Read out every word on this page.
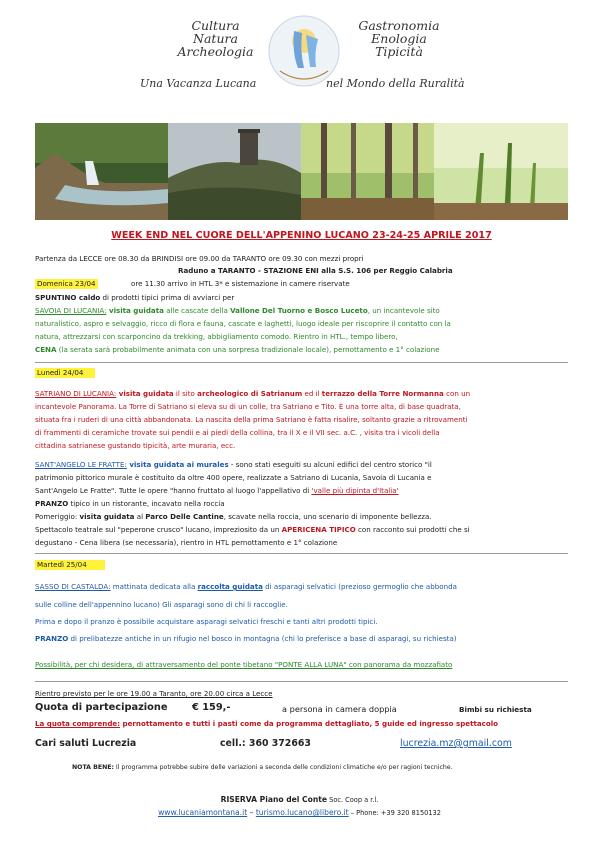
Cultura
Natura
Archeologia
Gastronomia
Enologia
Tipicità
Una Vacanza Lucana	nel Mondo della Ruralità
WEEK END NEL CUORE DELL'APPENINO LUCANO 23-24-25 APRILE 2017
Partenza da LECCE ore 08.30 da BRINDISI ore 09.00 da TARANTO ore 09.30 con mezzi propri
Raduno a TARANTO - STAZIONE ENI alla S.S. 106 per Reggio Calabria
Domenica 23/04	ore 11.30 arrivo in HTL 3* e sistemazione in camere riservate
SPUNTINO caldo di prodotti tipici prima di avviarci per
SAVOIA DI LUCANIA: visita guidata alle cascate della Vallone Del Tuorno e Bosco Luceto, un incantevole sito
naturalistico, aspro e selvaggio, ricco di flora e fauna, cascate e laghetti, luogo ideale per riscoprire il contatto con la
natura, attrezzarsi con scarponcino da trekking, abbigliamento comodo. Rientro in HTL., tempo libero,
CENA (la serata sarà probabilmente animata con una sorpresa tradizionale locale), pernottamento e 1° colazione
Lunedì 24/04
SATRIANO DI LUCANIA: visita guidata il sito archeologico di Satrianum ed il terrazzo della Torre Normanna con un
incantevole Panorama. La Torre di Satriano si eleva su di un colle, tra Satriano e Tito. È una torre alta, di base quadrata,
situata fra i ruderi di una città abbandonata. La nascita della prima Satriano è fatta risalire, soltanto grazie a ritrovamenti
di frammenti di ceramiche trovate sui pendii e ai piedi della collina, tra il X e il VII sec. a.C. , visita tra i vicoli della
cittadina satrianese gustando tipicità, arte muraria, ecc.
SANT'ANGELO LE FRATTE: visita guidata ai murales - sono stati eseguiti su alcuni edifici del centro storico "il
patrimonio pittorico murale è costituito da oltre 400 opere, realizzate a Satriano di Lucania, Savoia di Lucania e
Sant'Angelo Le Fratte". Tutte le opere "hanno fruttato al luogo l'appellativo di 'valle più dipinta d'Italia'
PRANZO tipico in un ristorante, incavato nella roccia
Pomeriggio: visita guidata al Parco Delle Cantine, scavate nella roccia, uno scenario di imponente bellezza.
Spettacolo teatrale sul "peperone crusco" lucano, impreziosito da un APERICENA TIPICO con racconto sui prodotti che si
degustano - Cena libera (se necessaria), rientro in HTL pernottamento e 1° colazione
Martedì 25/04
SASSO DI CASTALDA: mattinata dedicata alla raccolta guidata di asparagi selvatici (prezioso germoglio che abbonda
sulle colline dell'appennino lucano) Gli asparagi sono di chi li raccoglie.
Prima e dopo il pranzo è possibile acquistare asparagi selvatici freschi e tanti altri prodotti tipici.
PRANZO di prelibatezze antiche in un rifugio nel bosco in montagna (chi lo preferisce a base di asparagi, su richiesta)
Possibilità, per chi desidera, di attraversamento del ponte tibetano "PONTE ALLA LUNA" con panorama da mozzafiato
Rientro previsto per le ore 19.00 a Taranto, ore 20.00 circa a Lecce
Quota di partecipazione € 159,-	a persona in camera doppia	Bimbi su richiesta
La quota comprende: pernottamento e tutti i pasti come da programma dettagliato, 5 guide ed ingresso spettacolo
Cari saluti Lucrezia	cell.: 360 372663	lucrezia.mz@gmail.com
NOTA BENE: Il programma potrebbe subire delle variazioni a seconda delle condizioni climatiche e/o per ragioni tecniche.
RISERVA Piano del Conte Soc. Coop a r.l.
www.lucaniamontana.it – turismo.lucano@libero.it – Phone: +39 320 8150132
